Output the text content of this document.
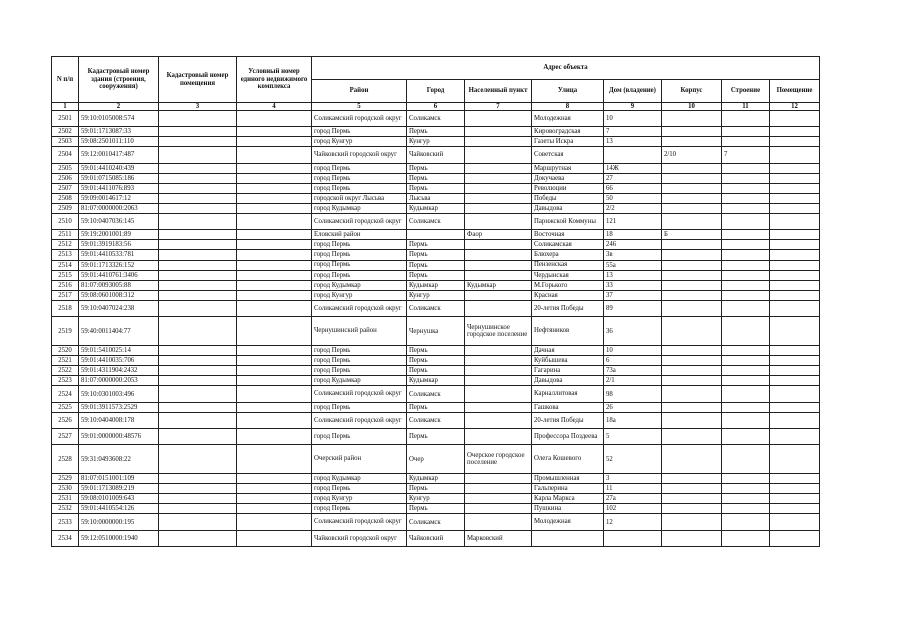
N п/п	Кадастровый номер здания (строения, сооружения)	Кадастровый номер помещения	Условный номер единого недвижимого комплекса	Адрес объекта							
				Район	Город	Населенный пункт	Улица	Дом (владение)	Корпус	Строение	Помещение
1	2	3	4	5	6	7	8	9	10	11	12
2501	59:10:0105008:574			Соликамский городской округ	Соликамск		Молодежная	10			
2502	59:01:1713087:33			город Пермь	Пермь		Кировоградская	7			
2503	59:08:2501011:110			город Кунгур	Кунгур		Газеты Искра	13			
2504	59:12:0010417:487			Чайковский городской округ	Чайковский		Советская		2/10	7	
2505	59:01:4410240:439			город Пермь	Пермь		Маршрутная	14Ж			
2506	59:01:0715085:186			город Пермь	Пермь		Докучаева	27			
2507	59:01:4411076:893			город Пермь	Пермь		Революции	66			
2508	59:09:0014617:12			городской округ Лысьва	Лысьва		Победы	50			
2509	81:07:0000000:2063			город Кудымкар	Кудымкар		Давыдова	2/2			
2510	59:10:0407036:145			Соликамский городской округ	Соликамск		Парижской Коммуны	121			
2511	59:19:2001001:89			Еловский район		Фаор	Восточная	18	Б		
2512	59:01:3919183:56			город Пермь	Пермь		Соликамская	246			
2513	59:01:4410533:781			город Пермь	Пермь		Блюхера	3в			
2514	59:01:1713326:152			город Пермь	Пермь		Пензенская	55а			
2515	59:01:4410761:3406			город Пермь	Пермь		Чердынская	13			
2516	81:07:0093005:88			город Кудымкар	Кудымкар	Кудымкар	М.Горького	33			
2517	59:08:0601008:312			город Кунгур	Кунгур		Красная	37			
2518	59:10:0407024:238			Соликамский городской округ	Соликамск		20-летия Победы	89			
2519	59:40:0011404:77			Чернушинский район	Чернушка	Чернушинское городское поселение	Нефтяников	36			
2520	59:01:5410025:14			город Пермь	Пермь		Дачная	10			
2521	59:01:4410035:706			город Пермь	Пермь		Куйбышева	6			
2522	59:01:4311904:2432			город Пермь	Пермь		Гагарина	73а			
2523	81:07:0000000:2053			город Кудымкар	Кудымкар		Давыдова	2/1			
2524	59:10:0301003:496			Соликамский городской округ	Соликамск		Карналлитовая	98			
2525	59:01:3911573:2529			город Пермь	Пермь		Гашкова	26			
2526	59:10:0404008:178			Соликамский городской округ	Соликамск		20-летия Победы	18а			
2527	59:01:0000000:48576			город Пермь	Пермь		Профессора Поздеева	5			
2528	59:31:0493608:22			Очерский район	Очер	Очерское городское поселение	Олега Кошевого	52			
2529	81:07:0151001:109			город Кудымкар	Кудымкар		Промышленная	3			
2530	59:01:1713089:219			город Пермь	Пермь		Гальперина	11			
2531	59:08:0101009:643			город Кунгур	Кунгур		Карла Маркса	27а			
2532	59:01:4410554:126			город Пермь	Пермь		Пушкина	102			
2533	59:10:0000000:195			Соликамский городской округ	Соликамск		Молодежная	12			
2534	59:12:0510000:1940			Чайковский городской округ	Чайковский	Марковский					
